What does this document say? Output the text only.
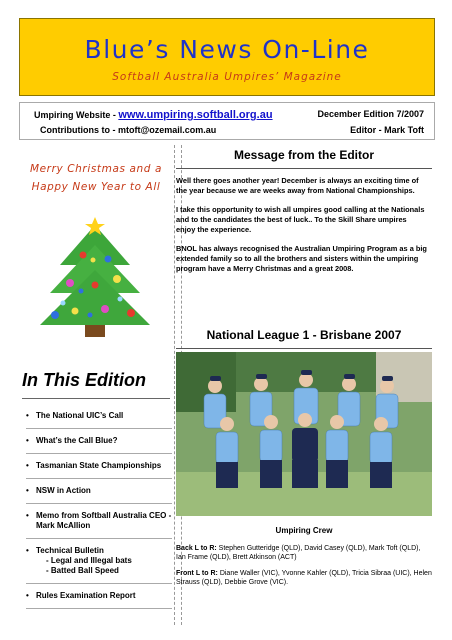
Blue’s News On-Line
Softball Australia Umpires’ Magazine
Umpiring Website - www.umpiring.softball.org.au	December Edition 7/2007
Contributions to - mtoft@ozemail.com.au	Editor - Mark Toft
Merry Christmas and a
Happy New Year to All
In This Edition
• The National UIC’s Call
• What’s the Call Blue?
• Tasmanian State Championships
• NSW in Action
• Memo from Softball Australia CEO - Mark McAllion
• Technical Bulletin
- Legal and Illegal bats
- Batted Ball Speed
• Rules Examination Report
Message from the Editor

Well there goes another year! December is always an exciting time of the year because we are weeks away from National Championships.

I take this opportunity to wish all umpires good calling at the Nationals and to the candidates the best of luck.. To the Skill Share umpires enjoy the experience.

BNOL has always recognised the Australian Umpiring Program as a big extended family so to all the brothers and sisters within the umpiring program have a Merry Christmas and a great 2008.

National League 1 - Brisbane 2007
Umpiring Crew

Back L to R: Stephen Gutteridge (QLD), David Casey (QLD), Mark Toft (QLD), Ian Frame (QLD), Brett Atkinson (ACT)

Front L to R: Diane Waller (VIC), Yvonne Kahler (QLD), Tricia Sibraa (UIC), Helen Strauss (QLD), Debbie Grove (VIC).
